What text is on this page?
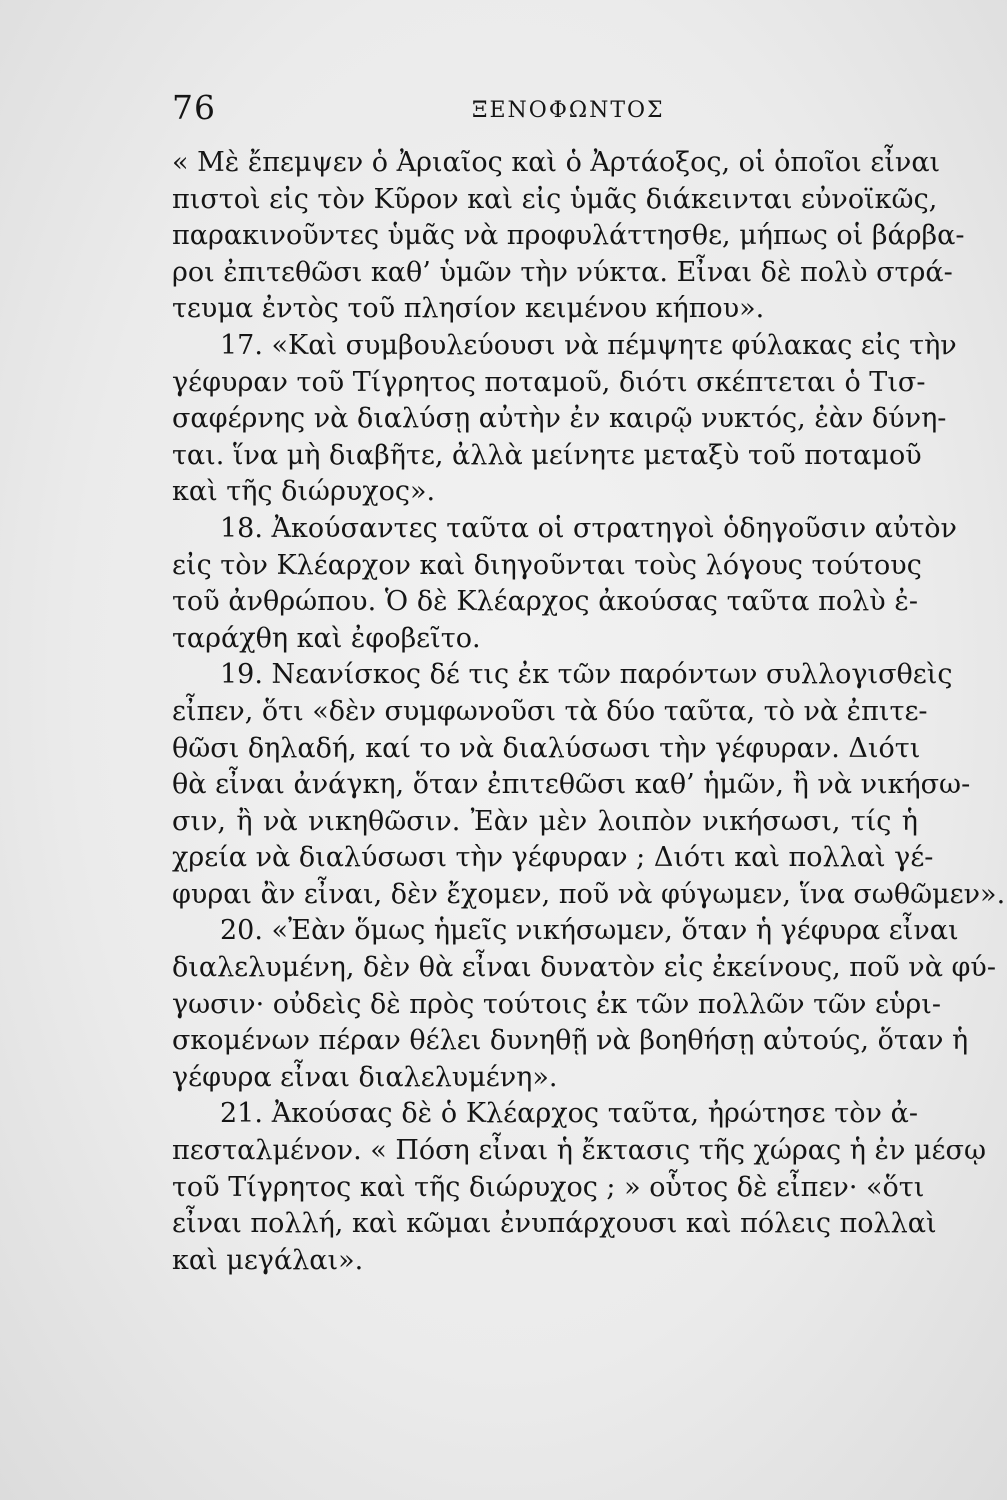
76	ΞΕΝΟΦΩΝΤΟΣ
« Μὲ ἔπεμψεν ὁ Ἀριαῖος καὶ ὁ Ἀρτάοξος, οἱ ὁποῖοι εἶναι
πιστοὶ εἰς τὸν Κῦρον καὶ εἰς ὑμᾶς διάκεινται εὐνοϊκῶς,
παρακινοῦντες ὑμᾶς νὰ προφυλάττησθε, μήπως οἱ βάρβα-
ροι ἐπιτεθῶσι καθ’ ὑμῶν τὴν νύκτα. Εἶναι δὲ πολὺ στρά-
τευμα ἐντὸς τοῦ πλησίον κειμένου κήπου».
17. «Καὶ συμβουλεύουσι νὰ πέμψητε φύλακας εἰς τὴν
γέφυραν τοῦ Τίγρητος ποταμοῦ, διότι σκέπτεται ὁ Τισ-
σαφέρνης νὰ διαλύσῃ αὐτὴν ἐν καιρῷ νυκτός, ἐὰν δύνη-
ται. ἵνα μὴ διαβῆτε, ἀλλὰ μείνητε μεταξὺ τοῦ ποταμοῦ
καὶ τῆς διώρυχος».
18. Ἀκούσαντες ταῦτα οἱ στρατηγοὶ ὁδηγοῦσιν αὐτὸν
εἰς τὸν Κλέαρχον καὶ διηγοῦνται τοὺς λόγους τούτους
τοῦ ἀνθρώπου. Ὁ δὲ Κλέαρχος ἀκούσας ταῦτα πολὺ ἐ-
ταράχθη καὶ ἐφοβεῖτο.
19. Νεανίσκος δέ τις ἐκ τῶν παρόντων συλλογισθεὶς
εἶπεν, ὅτι «δὲν συμφωνοῦσι τὰ δύο ταῦτα, τὸ νὰ ἐπιτε-
θῶσι δηλαδή, καί το νὰ διαλύσωσι τὴν γέφυραν. Διότι
θὰ εἶναι ἀνάγκη, ὅταν ἐπιτεθῶσι καθ’ ἡμῶν, ἢ νὰ νικήσω-
σιν, ἢ νὰ νικηθῶσιν. Ἐὰν μὲν λοιπὸν νικήσωσι, τίς ἡ
χρεία νὰ διαλύσωσι τὴν γέφυραν ; Διότι καὶ πολλαὶ γέ-
φυραι ἂν εἶναι, δὲν ἔχομεν, ποῦ νὰ φύγωμεν, ἵνα σωθῶμεν».
20. «Ἐὰν ὅμως ἡμεῖς νικήσωμεν, ὅταν ἡ γέφυρα εἶναι
διαλελυμένη, δὲν θὰ εἶναι δυνατὸν εἰς ἐκείνους, ποῦ νὰ φύ-
γωσιν· οὐδεὶς δὲ πρὸς τούτοις ἐκ τῶν πολλῶν τῶν εὑρι-
σκομένων πέραν θέλει δυνηθῇ νὰ βοηθήσῃ αὐτούς, ὅταν ἡ
γέφυρα εἶναι διαλελυμένη».
21. Ἀκούσας δὲ ὁ Κλέαρχος ταῦτα, ἠρώτησε τὸν ἀ-
πεσταλμένον. « Πόση εἶναι ἡ ἔκτασις τῆς χώρας ἡ ἐν μέσῳ
τοῦ Τίγρητος καὶ τῆς διώρυχος ; » οὗτος δὲ εἶπεν· «ὅτι
εἶναι πολλή, καὶ κῶμαι ἐνυπάρχουσι καὶ πόλεις πολλαὶ
καὶ μεγάλαι».
